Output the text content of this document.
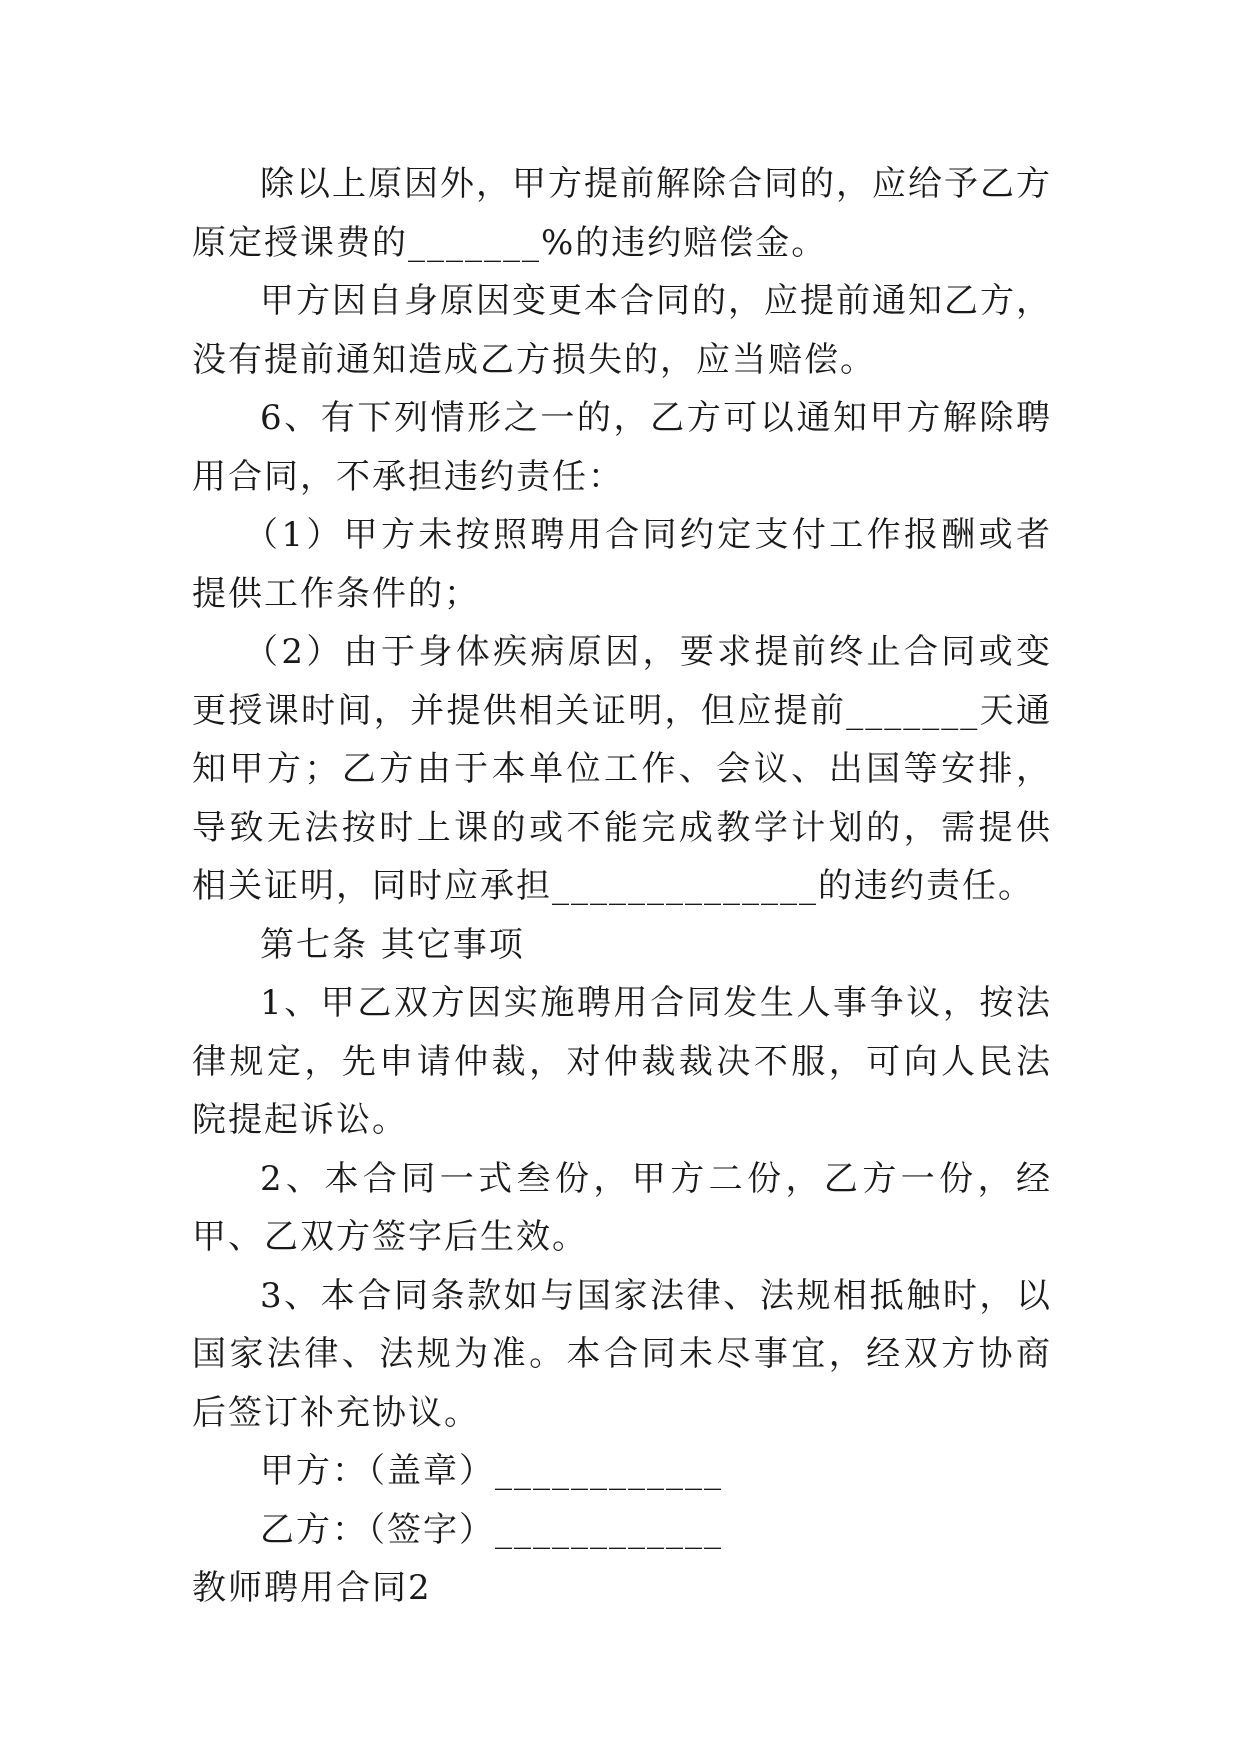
除以上原因外，甲方提前解除合同的，应给予乙方原定授课费的_______%的违约赔偿金。

甲方因自身原因变更本合同的，应提前通知乙方，没有提前通知造成乙方损失的，应当赔偿。

6、有下列情形之一的，乙方可以通知甲方解除聘用合同，不承担违约责任：

（1）甲方未按照聘用合同约定支付工作报酬或者提供工作条件的；

（2）由于身体疾病原因，要求提前终止合同或变更授课时间，并提供相关证明，但应提前_______天通知甲方；乙方由于本单位工作、会议、出国等安排，导致无法按时上课的或不能完成教学计划的，需提供相关证明，同时应承担______________的违约责任。

第七条 其它事项

1、甲乙双方因实施聘用合同发生人事争议，按法律规定，先申请仲裁，对仲裁裁决不服，可向人民法院提起诉讼。

2、本合同一式叁份，甲方二份，乙方一份，经甲、乙双方签字后生效。

3、本合同条款如与国家法律、法规相抵触时，以国家法律、法规为准。本合同未尽事宜，经双方协商后签订补充协议。

甲方：（盖章）____________

乙方：（签字）____________

教师聘用合同2
